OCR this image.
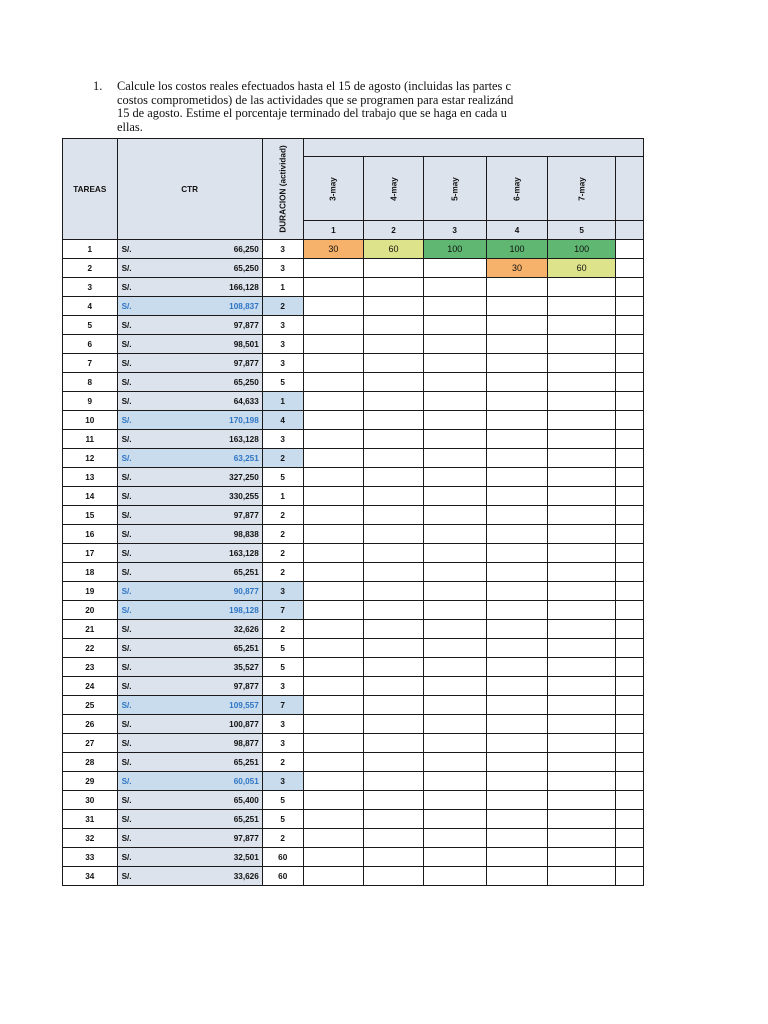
1. Calcule los costos reales efectuados hasta el 15 de agosto (incluidas las partes c
costos comprometidos) de las actividades que se programen para estar realizánd
15 de agosto. Estime el porcentaje terminado del trabajo que se haga en cada u
ellas.
TAREAS	CTR	DURACION (actividad)						

			3-may	4-may	5-may	6-may	7-may	

			1	2	3	4	5	
1	S/. 66,250	3	30	60	100	100	100	
2	S/. 65,250	3				30	60	
3	S/. 166,128	1						
4	S/. 108,837	2						
5	S/. 97,877	3						
6	S/. 98,501	3						
7	S/. 97,877	3						
8	S/. 65,250	5						
9	S/. 64,633	1						
10	S/. 170,198	4						
11	S/. 163,128	3						
12	S/. 63,251	2						
13	S/. 327,250	5						
14	S/. 330,255	1						
15	S/. 97,877	2						
16	S/. 98,838	2						
17	S/. 163,128	2						
18	S/. 65,251	2						
19	S/. 90,877	3						
20	S/. 198,128	7						
21	S/. 32,626	2						
22	S/. 65,251	5						
23	S/. 35,527	5						
24	S/. 97,877	3						
25	S/. 109,557	7						
26	S/. 100,877	3						
27	S/. 98,877	3						
28	S/. 65,251	2						
29	S/. 60,051	3						
30	S/. 65,400	5						
31	S/. 65,251	5						
32	S/. 97,877	2						
33	S/. 32,501	60						
34	S/. 33,626	60						
